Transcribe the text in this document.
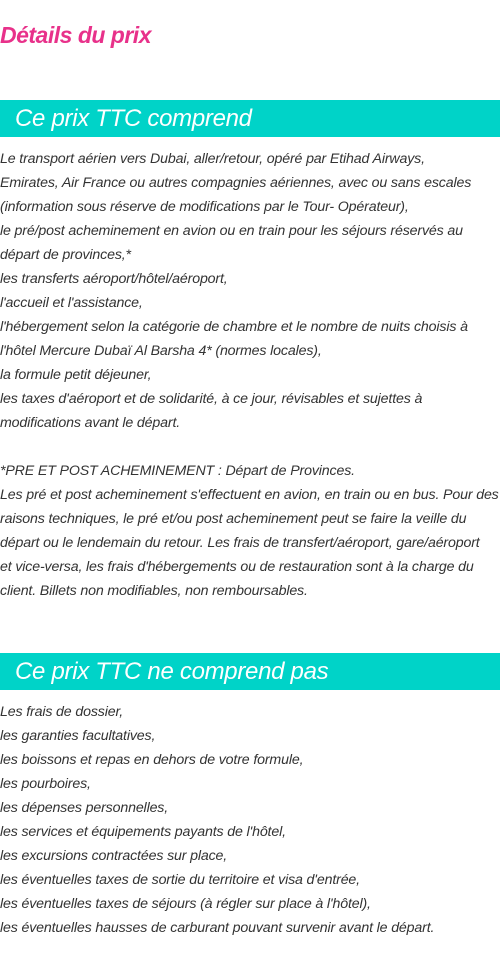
Détails du prix
Ce prix TTC comprend
Le transport aérien vers Dubai, aller/retour, opéré par Etihad Airways,
Emirates, Air France ou autres compagnies aériennes, avec ou sans escales
(information sous réserve de modifications par le Tour- Opérateur),
le pré/post acheminement en avion ou en train pour les séjours réservés au
départ de provinces,*
les transferts aéroport/hôtel/aéroport,
l'accueil et l'assistance,
l'hébergement selon la catégorie de chambre et le nombre de nuits choisis à
l'hôtel Mercure Dubaï Al Barsha 4* (normes locales),
la formule petit déjeuner,
les taxes d'aéroport et de solidarité, à ce jour, révisables et sujettes à
modifications avant le départ.
*PRE ET POST ACHEMINEMENT : Départ de Provinces.
Les pré et post acheminement s'effectuent en avion, en train ou en bus. Pour des
raisons techniques, le pré et/ou post acheminement peut se faire la veille du
départ ou le lendemain du retour. Les frais de transfert/aéroport, gare/aéroport
et vice-versa, les frais d'hébergements ou de restauration sont à la charge du
client. Billets non modifiables, non remboursables.
Ce prix TTC ne comprend pas
Les frais de dossier,
les garanties facultatives,
les boissons et repas en dehors de votre formule,
les pourboires,
les dépenses personnelles,
les services et équipements payants de l'hôtel,
les excursions contractées sur place,
les éventuelles taxes de sortie du territoire et visa d'entrée,
les éventuelles taxes de séjours (à régler sur place à l'hôtel),
les éventuelles hausses de carburant pouvant survenir avant le départ.
